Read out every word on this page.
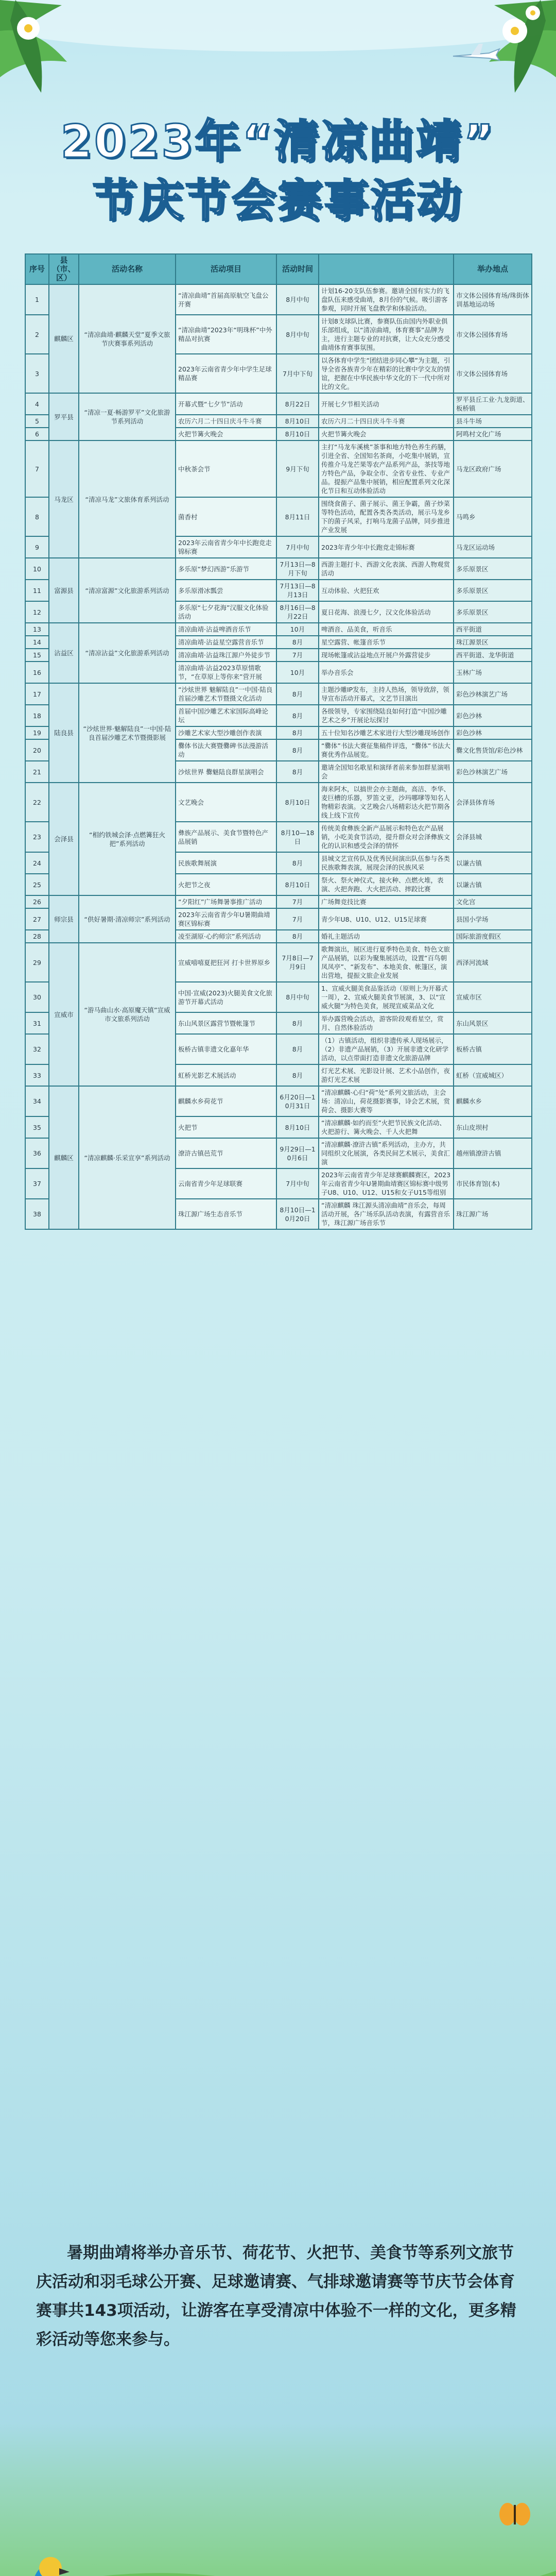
2023年“清凉曲靖”
节庆节会赛事活动
序号	县（市、区）	活动名称	活动项目	活动时间		举办地点
1	麒麟区	“清凉曲靖·麒麟天堂”夏季文旅节庆赛事系列活动	“清凉曲靖”首届高原航空飞盘公开赛	8月中旬	计划16-20支队伍参赛。邀请全国有实力的飞盘队伍来感受曲靖，8月份的气候。吸引游客参观，同时开展飞盘教学和体验活动。	市文体公园体育场/珠街体训基地运动场
2			“清凉曲靖”2023年“明珠杯”中外精品对抗赛	8月中旬	计划8支球队比赛，参赛队伍由国内外职业俱乐部组成，以“清凉曲靖，体育赛事”品牌为主，进行主题专业的对抗赛，让大众充分感受曲靖体育赛事氛围。	市文体公园体育场
3			2023年云南省青少年中学生足球精品赛	7月中下旬	以各体育中学生“团结进步同心攀”为主题，引导全省各族青少年在精彩的比赛中学交友的情谊，把握在中华民族中华文化的下一代中所对比的文化。	市文体公园体育场
4	罗平县	“清凉一夏·畅游罗平”文化旅游节系列活动	开幕式暨“七夕节”活动	8月22日	开展七夕节相关活动	罗平县丘工业·九龙街道、板桥镇
5			农历六月二十四日庆斗牛斗赛	8月10日	农历六月二十四日庆斗牛斗赛	县斗牛场
6			火把节篝火晚会	8月10日	火把节篝火晚会	阿鸣村文化广场
7	马龙区	“清凉马龙”文旅体育系列活动	中秋茶会节	9月下旬	主打“马龙车溪桃”茶事和地方特色养生药膳，引进全省、全国知名茶商，小吃集中展销，宣传推介马龙芒果等农产品系列产品，茶技等地方特色产品，争取全市、全省专业性、专业产品。提振产品集中展销，相应配置系列文化深化节日和互动体验活动	马龙区政府广场
8			菌香村	8月11日	围绕食菌子、菌子展示、菌王争霸，菌子炒菜等特色活动，配置各类各类活动，展示马龙乡下的菌子风采，打响马龙菌子品牌，同步推进产业发展	马鸣乡
9			2023年云南省青少年中长跑竞走锦标赛	7月中旬	2023年青少年中长跑竞走锦标赛	马龙区运动场
10	富源县	“清凉富源”文化旅游系列活动	多乐原“梦幻西游”乐游节	7月13日—8月下旬	西游主题打卡、西游文化表演、西游人物观赏活动	多乐原景区
11			多乐原滑冰瓢尝	7月13日—8月13日	互动体验、火把狂欢	多乐原景区
12			多乐原“七夕花海”汉服文化体验活动	8月16日—8月22日	夏日花海、浪漫七夕，汉文化体验活动	多乐原景区
13	沾益区	“清凉沾益”文化旅游系列活动	清凉曲靖·沾益啤酒音乐节	10月	啤酒音、品美食，听音乐	西平街道
14			清凉曲靖·沾益星空露营音乐节	8月	星空露营、帐篷音乐节	珠江源景区
15			清凉曲靖·沾益珠江源户外徒步节	7月	现场帐篷或沾益地点开展户外露营徒步	西平街道、龙华街道
16			清凉曲靖·沾益2023草原情歌节，“在草原上等你来”营开展	10月	举办音乐会	玉林广场
17	陆良县	“沙炫世界·魅解陆良”一中国·陆良首届沙雕艺术节暨摄影展	“沙炫世界 魅解陆良”一中国·陆良首届沙雕艺术节暨摄文化活动	8月	主题沙雕IP发布，主持人热场，领导致辞，领导宣布活动开幕式，文艺节目演出	彩色沙林演艺广场
18			首届中国沙雕艺术家国际高峰论坛	8月	各级领导，专家围绕陆良如何打造“中国沙雕艺术之乡”开展论坛探讨	彩色沙林
19			沙雕艺术家大型沙雕创作表演	8月	五十位知名沙雕艺术家进行大型沙雕现场创作	彩色沙林
20			爨体书法大赛暨爨碑书法漫游活动	8月	“爨体”书法大赛征集稿件评选，“爨体”书法大赛优秀作品展览。	爨文化售货馆/彩色沙林
21			沙炫世界 爨魅陆良群星演唱会	8月	邀请全国知名歌星和演绎者前来参加群星演唱会	彩色沙林演艺广场
22	会泽县	“相约铁城会泽·点燃篝狂火把”系列活动	文艺晚会	8月10日	海来阿木，以搞世会亦主题曲，高洁、李华、麦巨槽的乐器，罗笛文亚，沙玛哪嗲等知名人物精彩表演。文艺晚会八场精彩达火把节期各线上线下宣传	会泽县体育场
23			彝族产品展示、美食节暨特色产品展销	8月10—18日	传统美食彝族全新产品展示和特色农产品展销，小吃美食节活动，提升群众对会泽彝族文化的认识和感受会泽的情怀	会泽县城
24			民族歌舞展演	8月	县城文艺宣传队及优秀民间演出队伍参与各类民族歌舞表演，展现会泽的民族风采	以谦古镇
25			火把节之夜	8月10日	祭火、祭火神仪式，接火种、点燃火堆，表演、火把奔跑、大火把活动、摔跤比赛	以谦古镇
26	师宗县	“供好暑期·清凉师宗”系列活动	“夕阳红”广场舞暑事推广活动	7月	广场舞竞技比赛	文化宫
27			2023年云南省青少年U暑期曲靖赛区锦标赛	7月	青少年U8、U10、U12、U15足球赛	县国小学场
28			凌至湖原·心约师宗”系列活动	8月	婚礼主题活动	国际旅游度假区
29	宣威市	“游马曲山水·高原魔天镇”宣威市文旅系列活动	宣威嘻嘻夏把狂河 打卡世界原乡	7月8日—7月9日	歌舞演出，展区进行夏季特色美食、特色文旅产品展销，以彩为聚集展活动，设置“百鸟朝凤凤亭”、“新发布”、本地美食、帐篷区，演出营地，提振文旅企业发展	西泽河流域
30			中国·宣威(2023)火腿美食文化旅游节开幕式活动	8月中旬	1、宣威火腿美食品鉴活动（原则上为开幕式一周），2、宣威火腿美食节展演，3、以“宣威火腿”为特色美食，展现宣威菜品文化	宣威市区
31			东山风景区露营节暨帐篷节	8月	举办露营晚会活动，游客阶段观看星空，赏月、自然体验活动	东山风景区
32			板桥古镇非遗文化嘉年华	8月	（1）古镇活动，组织非遗传承人现场展示，（2）非遗产品展销，（3）开展非遗文化研学活动，以点带面打造非遗文化旅游品牌	板桥古镇
33			虹桥光影艺术展活动	8月	灯光艺术展、光影设计展、艺术小品创作，夜游灯光艺术展	虹桥（宣威城区）
34	麒麟区	“清凉麒麟·乐采宣享”系列活动	麒麟水乡荷花节	6月20日—10月31日	“清凉麒麟·心归“荷”处”系列文旅活动，主会场：清凉山，荷花摄影赛事，诗会艺术展，赏荷会、摄影大赛等	麒麟水乡
35			火把节	8月10日	“清凉麒麟·如约而至”火把节民族文化活动、火把游行、篝火晚会、千人火把舞	东山皮坝村
36			潦浒古镇邑荒节	9月29日—10月6日	“清凉麒麟·潦浒古镇”系列活动，主办方，共同组织文化展演，各类民间艺术展示，美食汇演	越州镇潦浒古镇
37			云南省青少年足球联赛	7月中旬	2023年云南省青少年足球赛麒麟赛区，2023年云南省青少年U暑期曲靖赛区锦标赛中级男子U8、U10、U12、U15和女子U15等组别	市民体育馆(本)
38			珠江源广场生态音乐节	8月10日—10月20日	“清凉麒麟 珠江源头清凉曲靖”音乐会，每周活动开展，各广场乐队活动表演，有露营音乐节，珠江源广场音乐节	珠江源广场
暑期曲靖将举办音乐节、荷花节、火把节、美食节等系列文旅节庆活动和羽毛球公开赛、足球邀请赛、气排球邀请赛等节庆节会体育赛事共143项活动，让游客在享受清凉中体验不一样的文化，更多精彩活动等您来参与。
